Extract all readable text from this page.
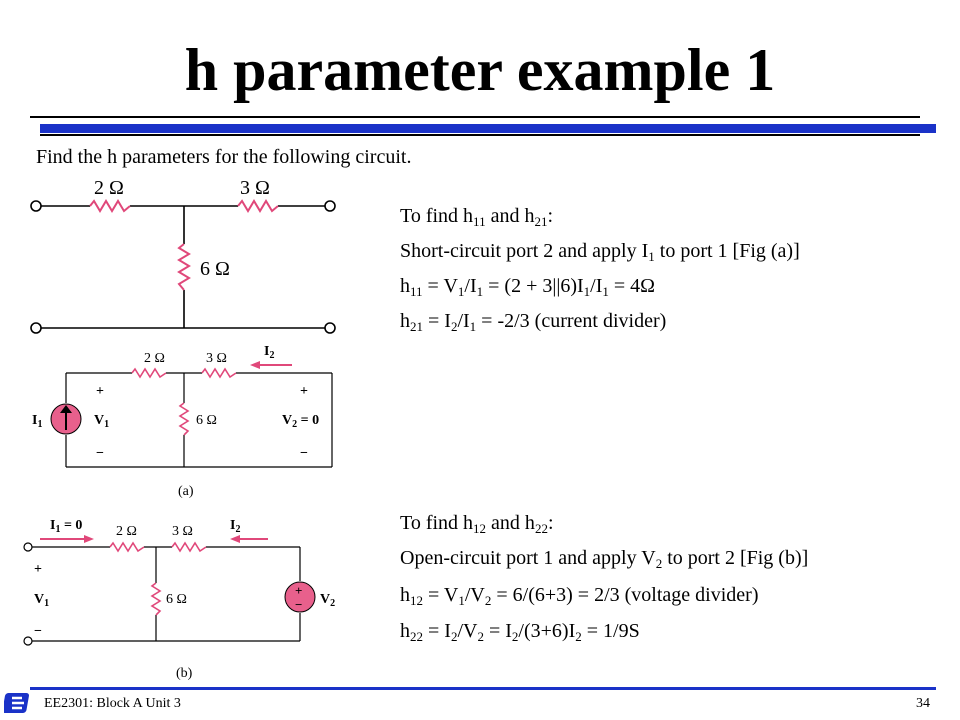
h parameter example 1
Find the h parameters for the following circuit.
To find $h_{11}$ and $h_{21}$:
Short-circuit port 2 and apply $I_1$ to port 1 [Fig (a)]
$h_{11} = V_1/I_1 = (2 + 3||6)I_1/I_1 = 4\Omega$
$h_{21} = I_2/I_1 = -2/3$ (current divider)
To find $h_{12}$ and $h_{22}$:
Open-circuit port 1 and apply $V_2$ to port 2 [Fig (b)]
$h_{12} = V_1/V_2 = 6/(6+3) = 2/3$ (voltage divider)
$h_{22} = I_2/V_2 = I_2/(3+6)I_2 = 1/9S$
2 Ω	3 Ω
6 Ω
2 Ω	3 Ω
6 Ω
$I_2$
$I_1$	$V_1$	$V_2 = 0$
+
−
+
−
(a)
+
−
$I_1 = 0$ 2 Ω	3 Ω	$I_2$
6 Ω
+
$V_1$
−
$V_2$
(b)
EE2301: Block A Unit 3	34
